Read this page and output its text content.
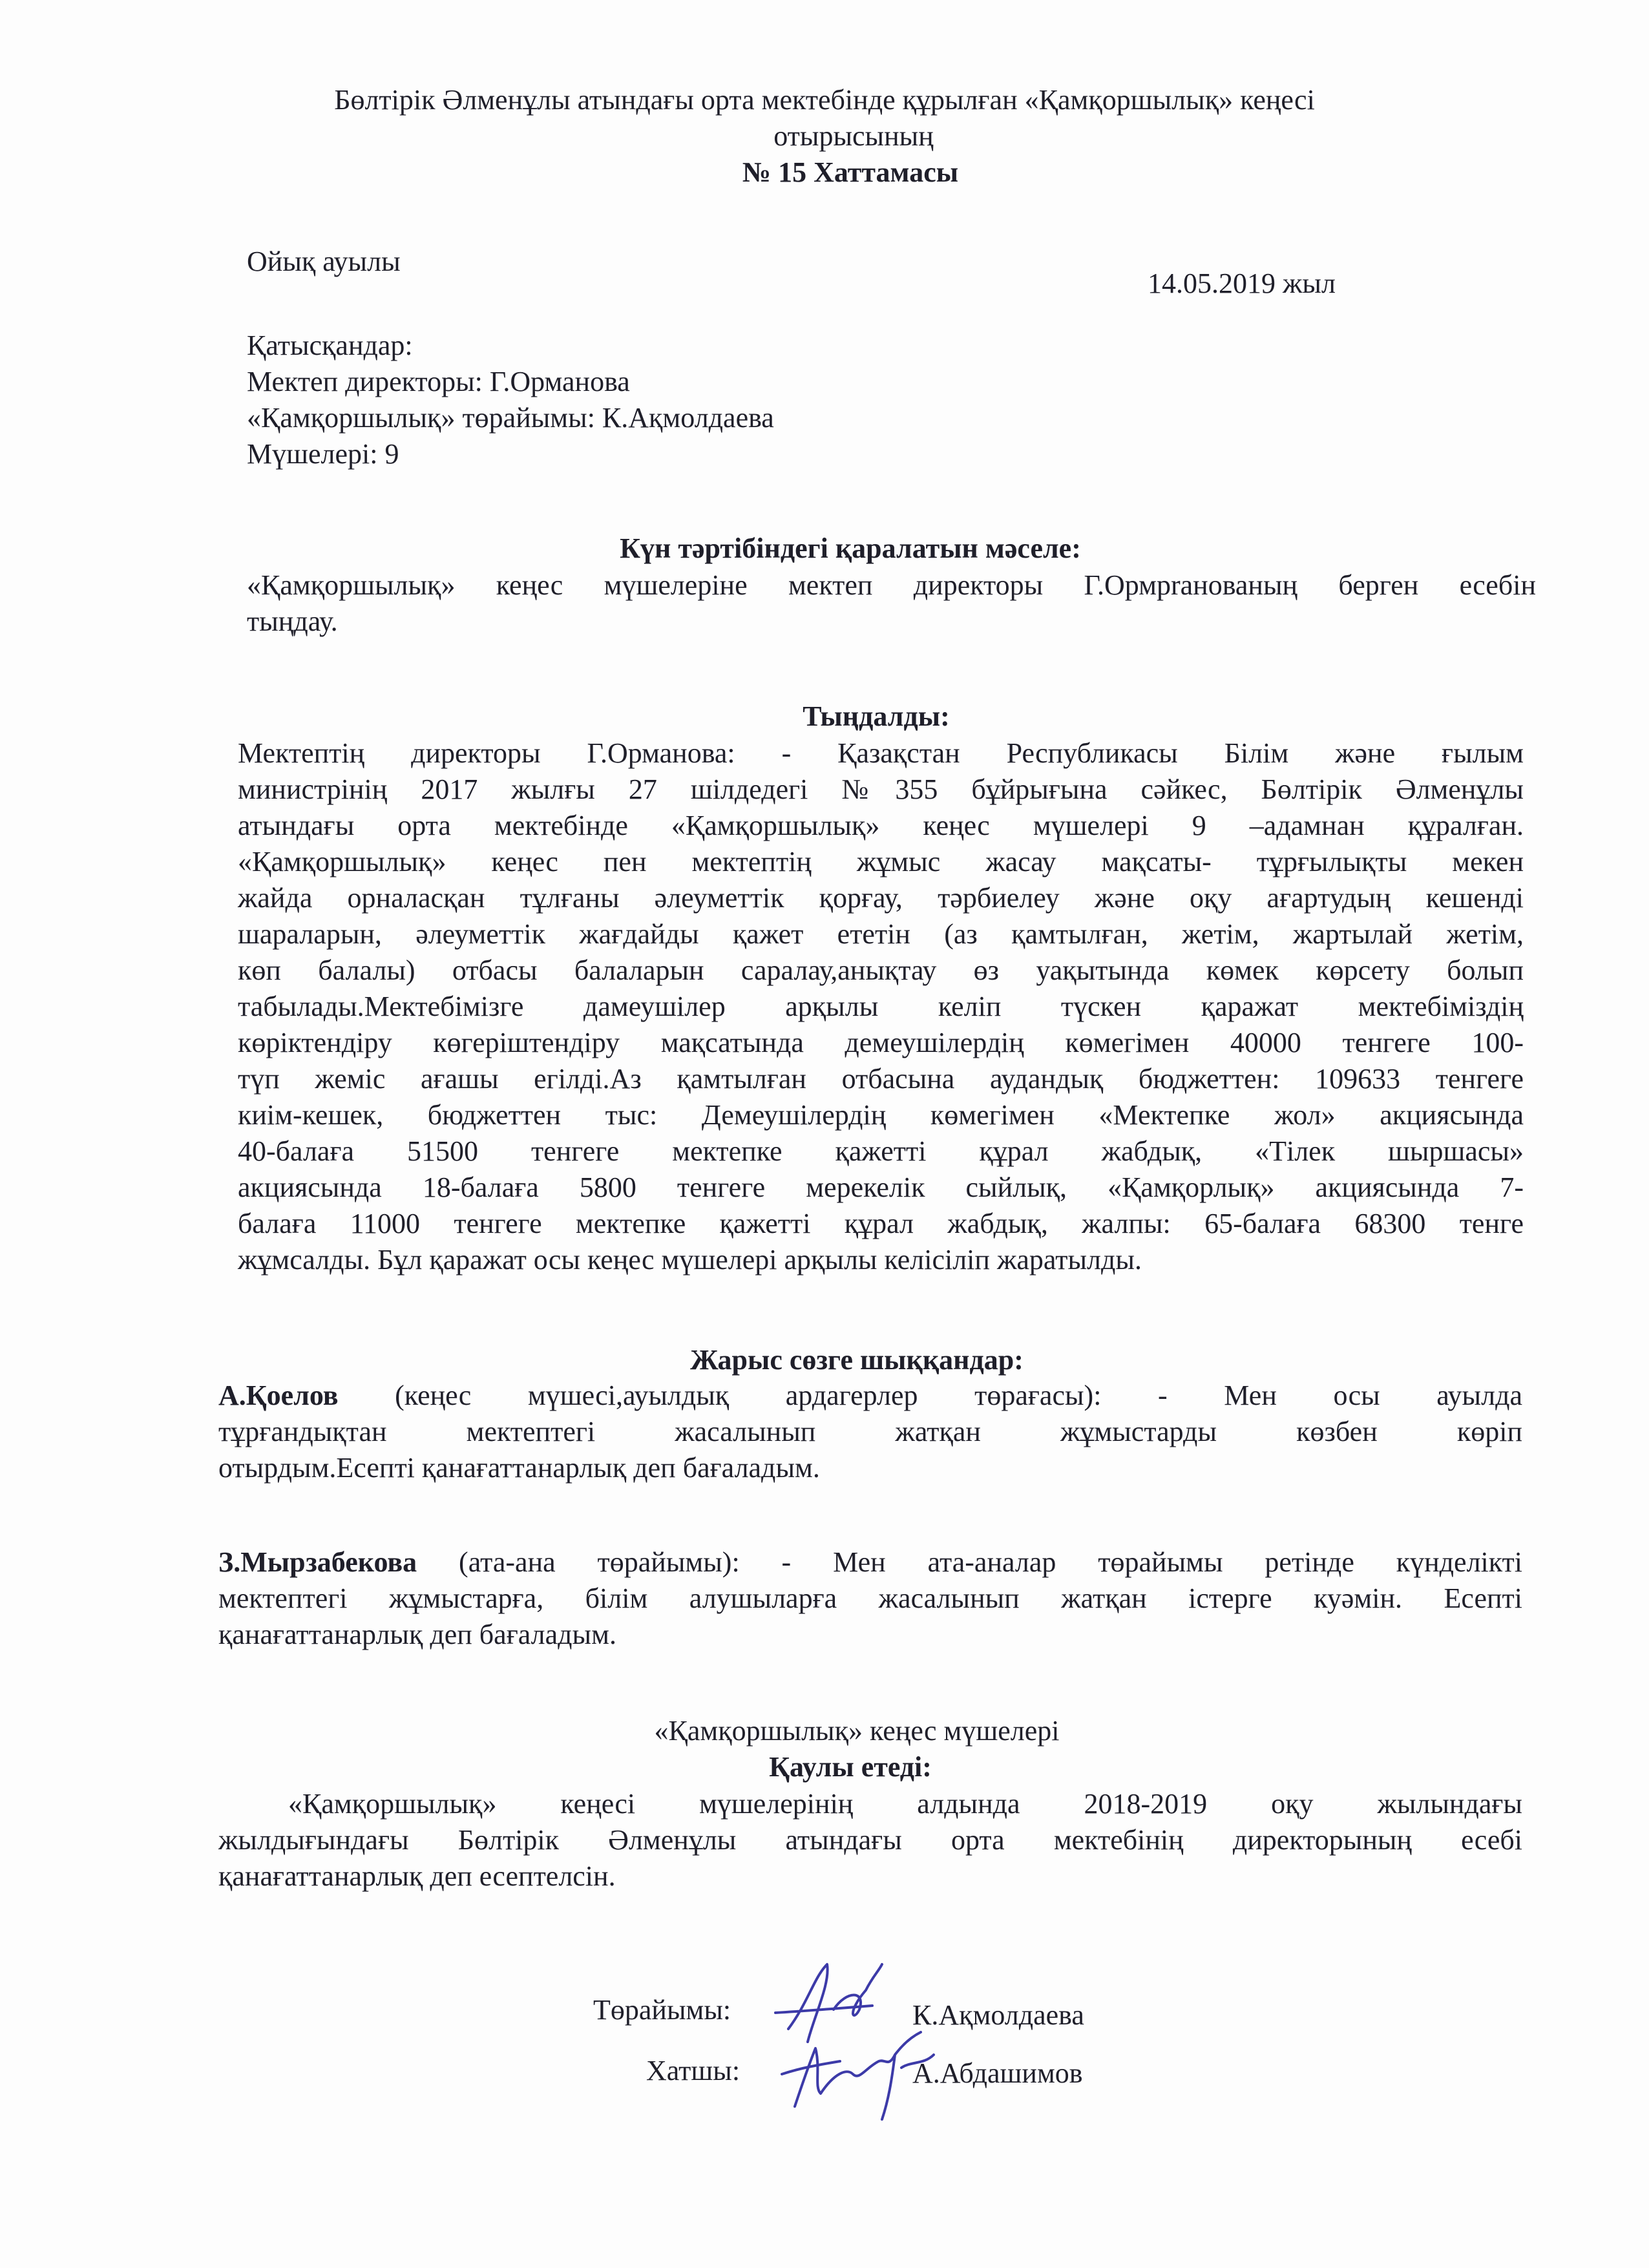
Бөлтірік Әлменұлы атындағы орта мектебінде құрылған «Қамқоршылық» кеңесі
отырысының
№ 15 Хаттамасы
Ойық ауылы
14.05.2019 жыл
Қатысқандар:
Мектеп директоры: Г.Орманова
«Қамқоршылық» төрайымы: К.Ақмолдаева
Мүшелері: 9
Күн тәртібіндегі қаралатын мәселе:
«Қамқоршылық» кеңес мүшелеріне мектеп директоры Г.Ормpraнованың берген есебін
тыңдау.
Тыңдалды:
Мектептің директоры Г.Орманова: - Қазақстан Республикасы Білім және ғылым
министрінің 2017 жылғы 27 шілдедегі №355 бұйрығына сәйкес, Бөлтірік Әлменұлы
атындағы орта мектебінде «Қамқоршылық» кеңес мүшелері 9 –адамнан құралған.
«Қамқоршылық» кеңес пен мектептің жұмыс жасау мақсаты- тұрғылықты мекен
жайда орналасқан тұлғаны әлеуметтік қорғау, тәрбиелеу және оқу ағартудың кешенді
шараларын, әлеуметтік жағдайды қажет ететін (аз қамтылған, жетім, жартылай жетім,
көп балалы) отбасы балаларын саралау,анықтау өз уақытында көмек көрсету болып
табылады.Мектебімізге дамеушілер арқылы келіп түскен қаражат мектебіміздің
көріктендіру көгеріштендіру мақсатында демеушілердің көмегімен 40000 тенгеге 100-
түп жеміс ағашы егілді.Аз қамтылған отбасына аудандық бюджеттен: 109633 тенгеге
киім-кешек, бюджеттен тыс: Демеушілердің көмегімен «Мектепке жол» акциясында
40-балаға 51500 тенгеге мектепке қажетті құрал жабдық, «Тілек шыршасы»
акциясында 18-балаға 5800 тенгеге мерекелік сыйлық, «Қамқорлық» акциясында 7-
балаға 11000 тенгеге мектепке қажетті құрал жабдық, жалпы: 65-балаға 68300 тенге
жұмсалды. Бұл қаражат осы кеңес мүшелері арқылы келісіліп жаратылды.
Жарыс сөзге шыққандар:
А.Қоелов (кеңес мүшесі,ауылдық ардагерлер төрағасы): - Мен осы ауылда
тұрғандықтан мектептегі жасалынып жатқан жұмыстарды көзбен көріп
отырдым.Есепті қанағаттанарлық деп бағаладым.
З.Мырзабекова (ата-ана төрайымы): - Мен ата-аналар төрайымы ретінде күнделікті
мектептегі жұмыстарға, білім алушыларға жасалынып жатқан істерге куәмін. Есепті
қанағаттанарлық деп бағаладым.
«Қамқоршылық» кеңес мүшелері
Қаулы етеді:
«Қамқоршылық» кеңесі мүшелерінің алдында 2018-2019 оқу жылындағы
жылдығындағы Бөлтірік Әлменұлы атындағы орта мектебінің директорының есебі
қанағаттанарлық деп есептелсін.
Төрайымы:	К.Ақмолдаева
Хатшы:	А.Абдашимов
